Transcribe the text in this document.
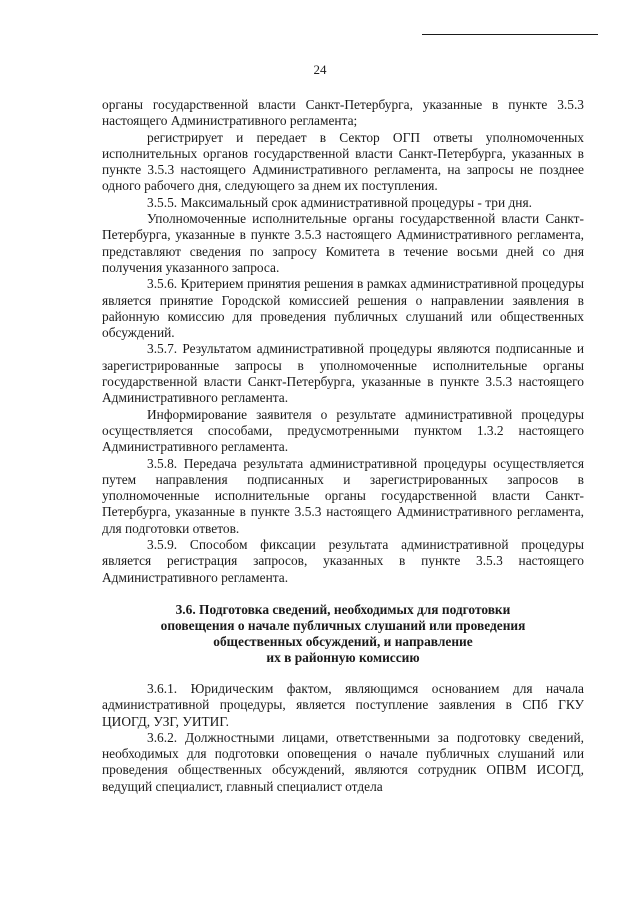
24

органы государственной власти Санкт-Петербурга, указанные в пункте 3.5.3 настоящего Административного регламента;

регистрирует и передает в Сектор ОГП ответы уполномоченных исполнительных органов государственной власти Санкт-Петербурга, указанных в пункте 3.5.3 настоящего Административного регламента, на запросы не позднее одного рабочего дня, следующего за днем их поступления.

3.5.5. Максимальный срок административной процедуры - три дня.

Уполномоченные исполнительные органы государственной власти Санкт-Петербурга, указанные в пункте 3.5.3 настоящего Административного регламента, представляют сведения по запросу Комитета в течение восьми дней со дня получения указанного запроса.

3.5.6. Критерием принятия решения в рамках административной процедуры является принятие Городской комиссией решения о направлении заявления в районную комиссию для проведения публичных слушаний или общественных обсуждений.

3.5.7. Результатом административной процедуры являются подписанные и зарегистрированные запросы в уполномоченные исполнительные органы государственной власти Санкт-Петербурга, указанные в пункте 3.5.3 настоящего Административного регламента.

Информирование заявителя о результате административной процедуры осуществляется способами, предусмотренными пунктом 1.3.2 настоящего Административного регламента.

3.5.8. Передача результата административной процедуры осуществляется путем направления подписанных и зарегистрированных запросов в уполномоченные исполнительные органы государственной власти Санкт-Петербурга, указанные в пункте 3.5.3 настоящего Административного регламента, для подготовки ответов.

3.5.9. Способом фиксации результата административной процедуры является регистрация запросов, указанных в пункте 3.5.3 настоящего Административного регламента.

3.6. Подготовка сведений, необходимых для подготовки
оповещения о начале публичных слушаний или проведения
общественных обсуждений, и направление
их в районную комиссию

3.6.1. Юридическим фактом, являющимся основанием для начала административной процедуры, является поступление заявления в СПб ГКУ ЦИОГД, УЗГ, УИТИГ.

3.6.2. Должностными лицами, ответственными за подготовку сведений, необходимых для подготовки оповещения о начале публичных слушаний или проведения общественных обсуждений, являются сотрудник ОПВМ ИСОГД, ведущий специалист, главный специалист отдела
